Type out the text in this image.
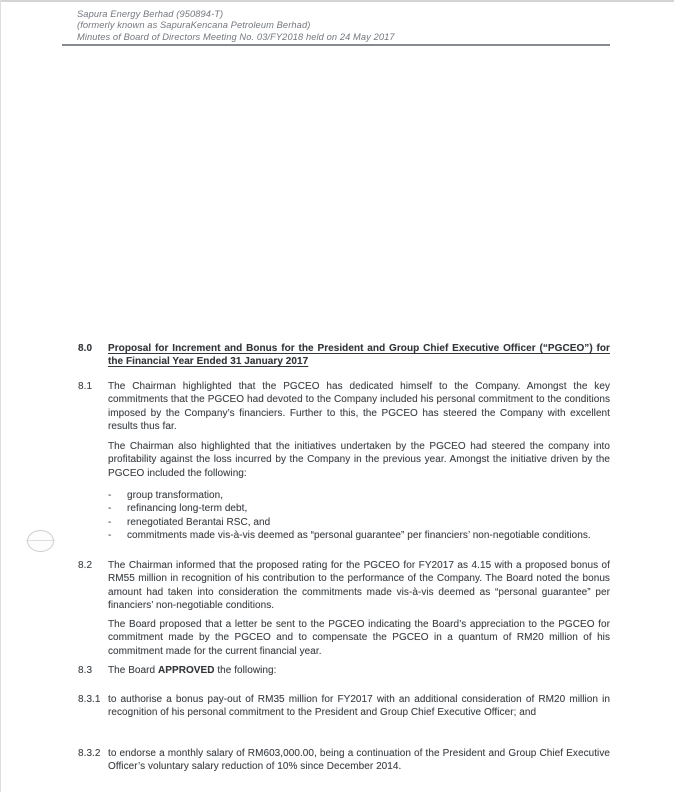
Sapura Energy Berhad (950894-T)
(formerly known as SapuraKencana Petroleum Berhad)
Minutes of Board of Directors Meeting No. 03/FY2018 held on 24 May 2017
8.0	Proposal for Increment and Bonus for the President and Group Chief Executive Officer (“PGCEO”) for the Financial Year Ended 31 January 2017
8.1	The Chairman highlighted that the PGCEO has dedicated himself to the Company. Amongst the key commitments that the PGCEO had devoted to the Company included his personal commitment to the conditions imposed by the Company’s financiers. Further to this, the PGCEO has steered the Company with excellent results thus far.
The Chairman also highlighted that the initiatives undertaken by the PGCEO had steered the company into profitability against the loss incurred by the Company in the previous year. Amongst the initiative driven by the PGCEO included the following:
-	group transformation,
-	refinancing long-term debt,
-	renegotiated Berantai RSC, and
-	commitments made vis-à-vis deemed as “personal guarantee” per financiers’ non-negotiable conditions.
8.2	The Chairman informed that the proposed rating for the PGCEO for FY2017 as 4.15 with a proposed bonus of RM55 million in recognition of his contribution to the performance of the Company. The Board noted the bonus amount had taken into consideration the commitments made vis-à-vis deemed as “personal guarantee” per financiers’ non-negotiable conditions.
The Board proposed that a letter be sent to the PGCEO indicating the Board’s appreciation to the PGCEO for commitment made by the PGCEO and to compensate the PGCEO in a quantum of RM20 million of his commitment made for the current financial year.
8.3	The Board APPROVED the following:
8.3.1 to authorise a bonus pay-out of RM35 million for FY2017 with an additional consideration of RM20 million in recognition of his personal commitment to the President and Group Chief Executive Officer; and
8.3.2 to endorse a monthly salary of RM603,000.00, being a continuation of the President and Group Chief Executive Officer’s voluntary salary reduction of 10% since December 2014.
